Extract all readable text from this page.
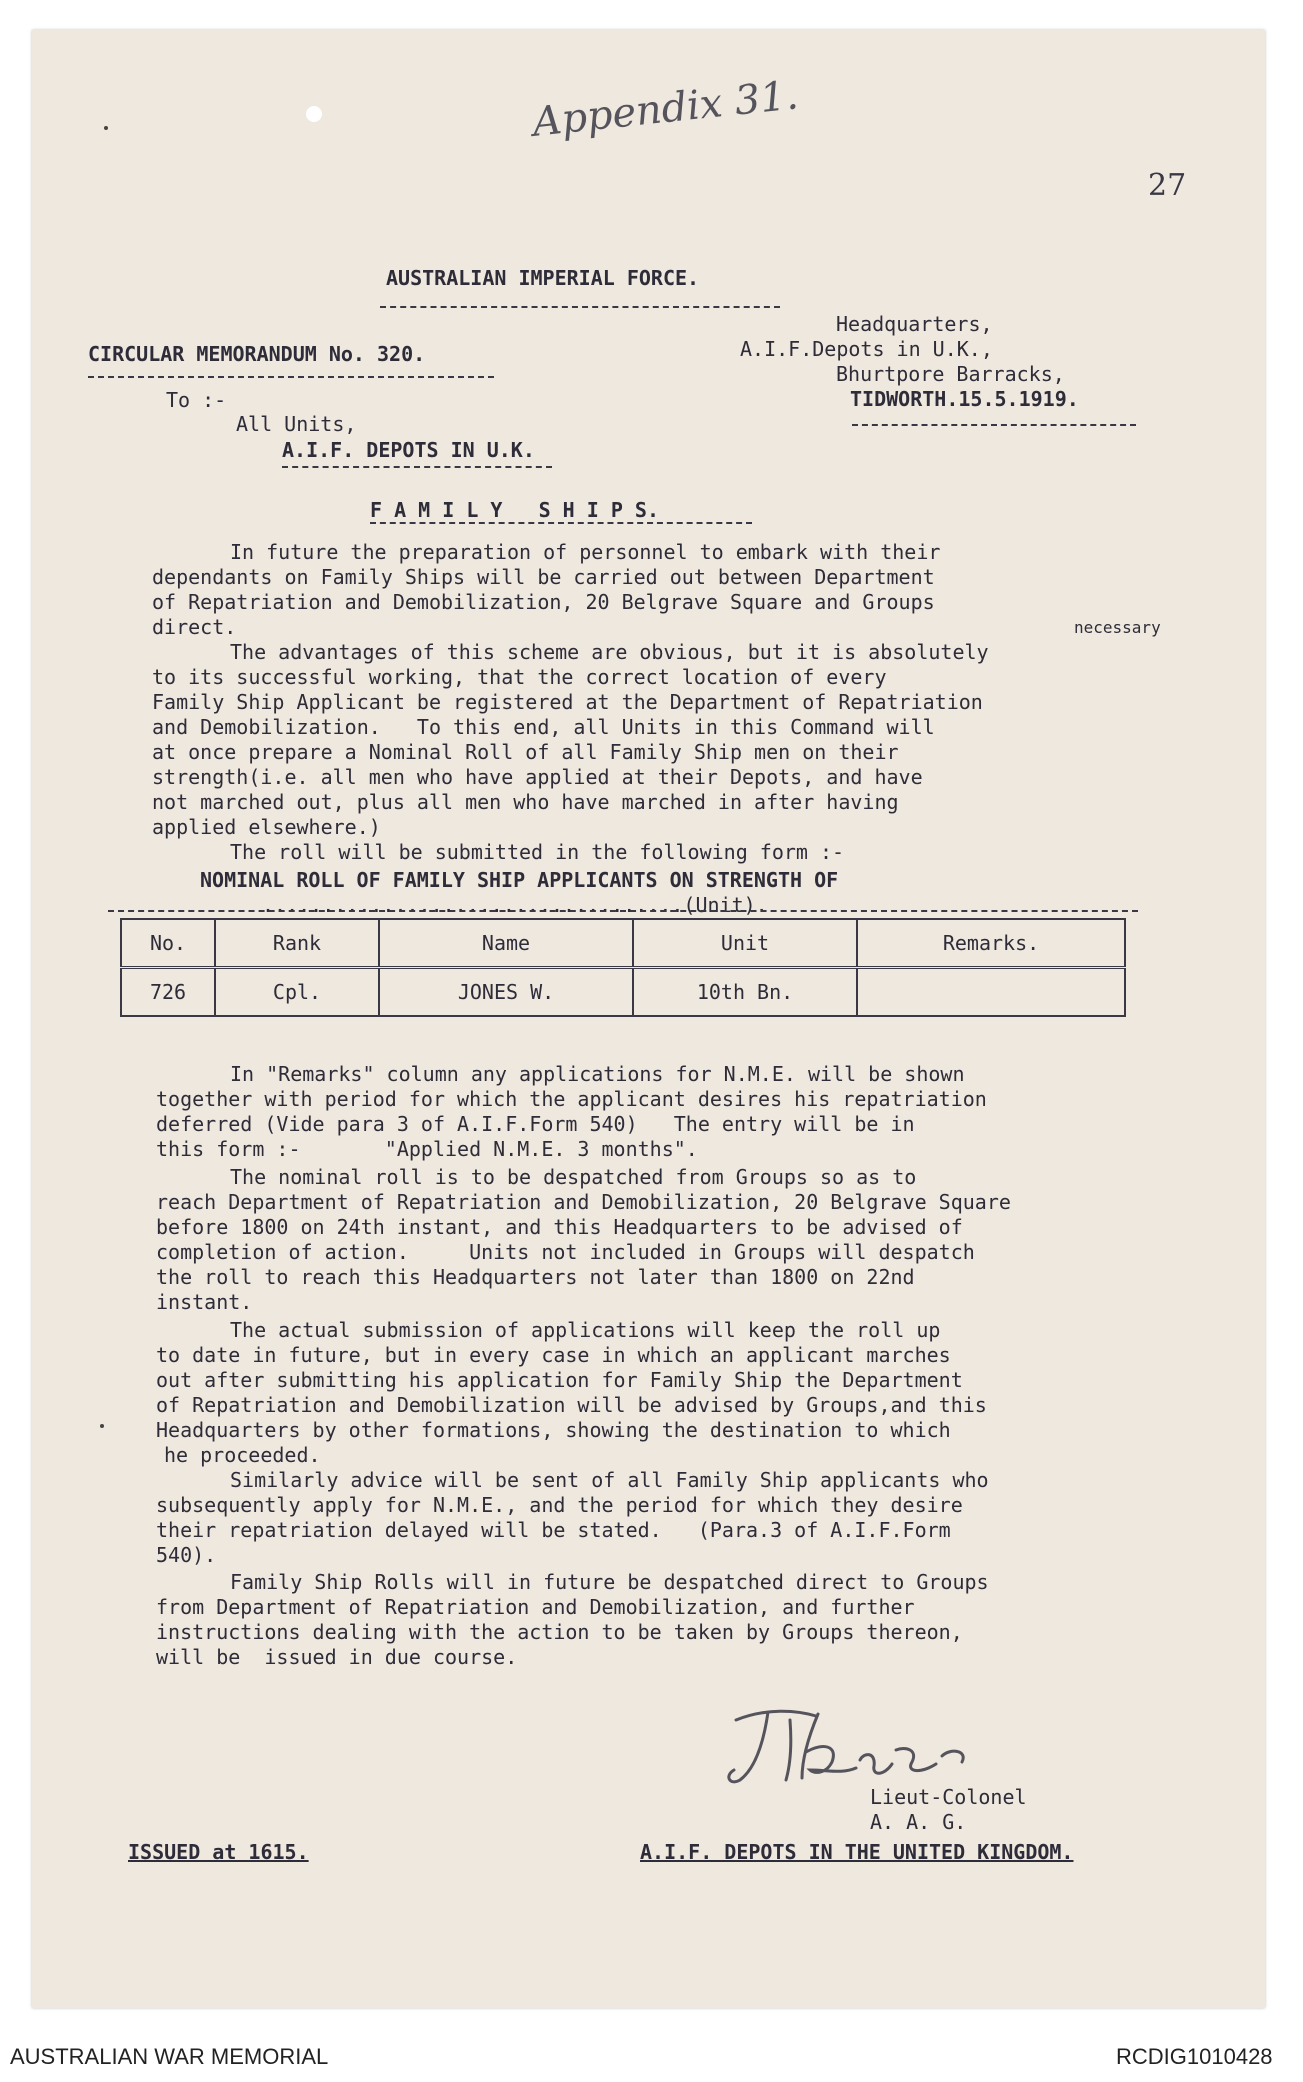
Appendix 31.
27
AUSTRALIAN IMPERIAL FORCE.
CIRCULAR MEMORANDUM No. 320.
Headquarters,
A.I.F.Depots in U.K.,
Bhurtpore Barracks,
TIDWORTH.15.5.1919.
To :-
All Units,
A.I.F. DEPOTS IN U.K.
F A M I L Y   S H I P S.
In future the preparation of personnel to embark with their
dependants on Family Ships will be carried out between Department
of Repatriation and Demobilization, 20 Belgrave Square and Groups
direct.	necessary
The advantages of this scheme are obvious, but it is absolutely
to its successful working, that the correct location of every
Family Ship Applicant be registered at the Department of Repatriation
and Demobilization.   To this end, all Units in this Command will
at once prepare a Nominal Roll of all Family Ship men on their
strength(i.e. all men who have applied at their Depots, and have
not marched out, plus all men who have marched in after having
applied elsewhere.)
The roll will be submitted in the following form :-
NOMINAL ROLL OF FAMILY SHIP APPLICANTS ON STRENGTH OF
...................................(Unit).
No.	Rank	Name	Unit	Remarks.
726	Cpl.	JONES W.	10th Bn.	
In "Remarks" column any applications for N.M.E. will be shown
together with period for which the applicant desires his repatriation
deferred (Vide para 3 of A.I.F.Form 540)   The entry will be in
this form :-       "Applied N.M.E. 3 months".
The nominal roll is to be despatched from Groups so as to
reach Department of Repatriation and Demobilization, 20 Belgrave Square
before 1800 on 24th instant, and this Headquarters to be advised of
completion of action.     Units not included in Groups will despatch
the roll to reach this Headquarters not later than 1800 on 22nd
instant.
The actual submission of applications will keep the roll up
to date in future, but in every case in which an applicant marches
out after submitting his application for Family Ship the Department
of Repatriation and Demobilization will be advised by Groups,and this
Headquarters by other formations, showing the destination to which
he proceeded.
Similarly advice will be sent of all Family Ship applicants who
subsequently apply for N.M.E., and the period for which they desire
their repatriation delayed will be stated.   (Para.3 of A.I.F.Form
540).
Family Ship Rolls will in future be despatched direct to Groups
from Department of Repatriation and Demobilization, and further
instructions dealing with the action to be taken by Groups thereon,
will be  issued in due course.
JHKing
Lieut-Colonel
A. A. G.
ISSUED at 1615.	A.I.F. DEPOTS IN THE UNITED KINGDOM.
AUSTRALIAN WAR MEMORIAL	RCDIG1010428
